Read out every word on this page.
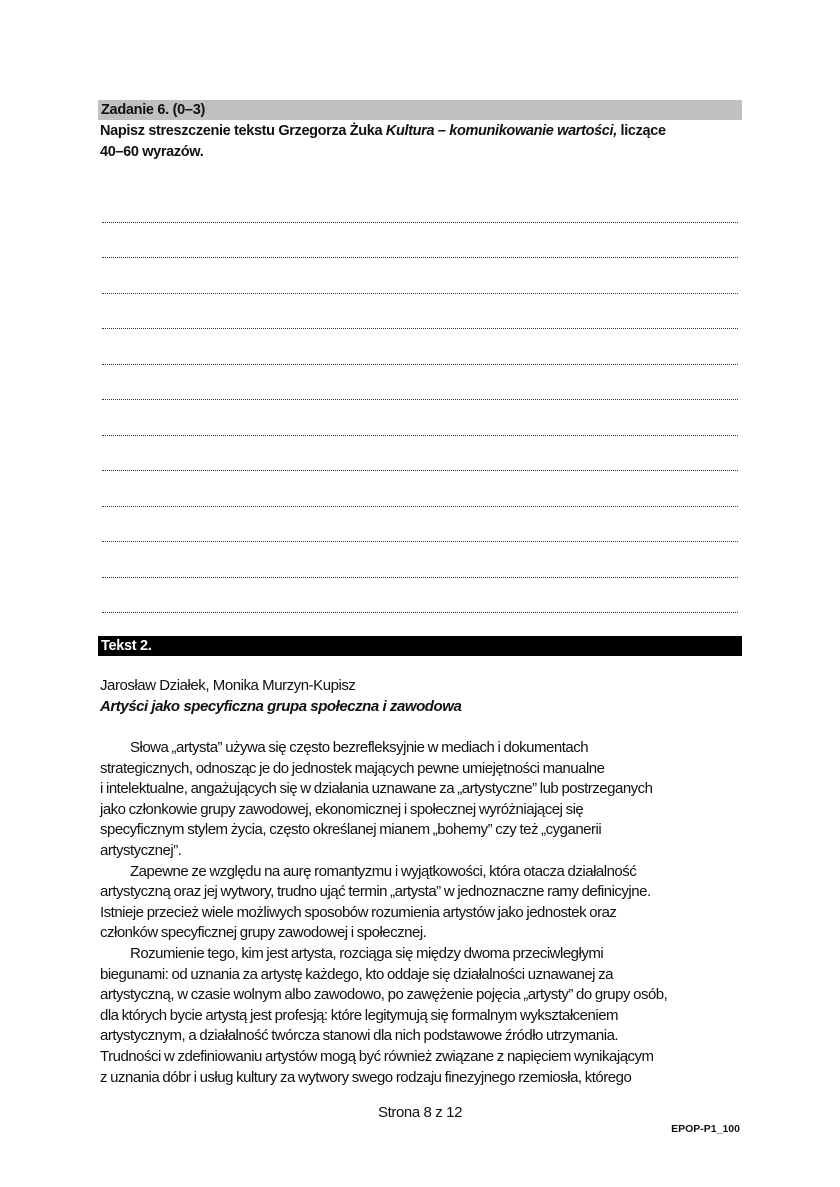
Zadanie 6. (0–3)
Napisz streszczenie tekstu Grzegorza Żuka Kultura – komunikowanie wartości, liczące
40–60 wyrazów.
Tekst 2.
Jarosław Działek, Monika Murzyn-Kupisz
Artyści jako specyficzna grupa społeczna i zawodowa
Słowa „artysta” używa się często bezrefleksyjnie w mediach i dokumentach
strategicznych, odnosząc je do jednostek mających pewne umiejętności manualne
i intelektualne, angażujących się w działania uznawane za „artystyczne” lub postrzeganych
jako członkowie grupy zawodowej, ekonomicznej i społecznej wyróżniającej się
specyficznym stylem życia, często określanej mianem „bohemy” czy też „cyganerii
artystycznej”.
Zapewne ze względu na aurę romantyzmu i wyjątkowości, która otacza działalność
artystyczną oraz jej wytwory, trudno ująć termin „artysta” w jednoznaczne ramy definicyjne.
Istnieje przecież wiele możliwych sposobów rozumienia artystów jako jednostek oraz
członków specyficznej grupy zawodowej i społecznej.
Rozumienie tego, kim jest artysta, rozciąga się między dwoma przeciwległymi
biegunami: od uznania za artystę każdego, kto oddaje się działalności uznawanej za
artystyczną, w czasie wolnym albo zawodowo, po zawężenie pojęcia „artysty” do grupy osób,
dla których bycie artystą jest profesją: które legitymują się formalnym wykształceniem
artystycznym, a działalność twórcza stanowi dla nich podstawowe źródło utrzymania.
Trudności w zdefiniowaniu artystów mogą być również związane z napięciem wynikającym
z uznania dóbr i usług kultury za wytwory swego rodzaju finezyjnego rzemiosła, którego
Strona 8 z 12
EPOP-P1_100
